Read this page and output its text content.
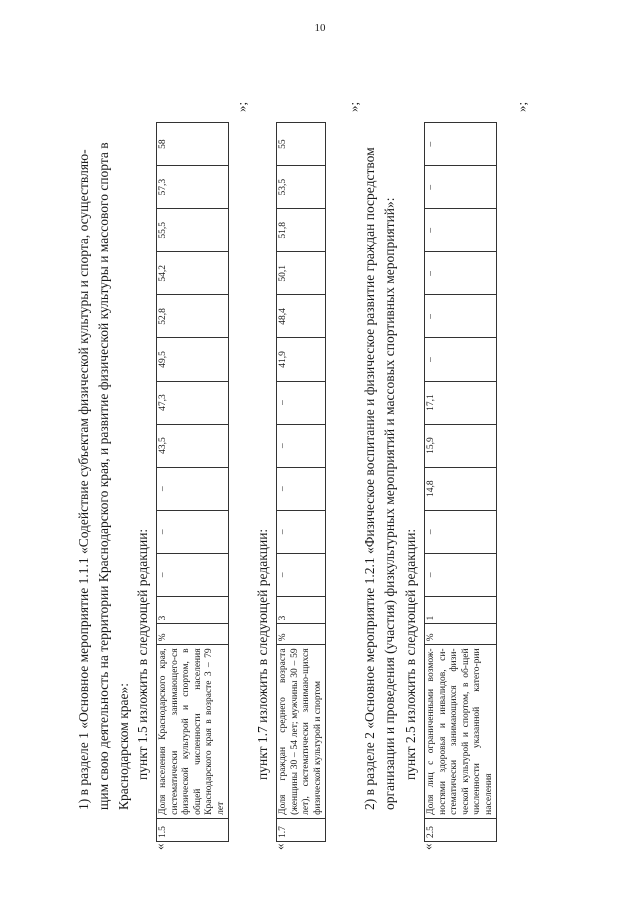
10
1) в разделе 1 «Основное мероприятие 1.1.1 «Содействие субъектам физической культуры и спорта, осуществляю- щим свою деятельность на территории Краснодарского края, и развитие физической культуры и массового спорта в Краснодарском крае»: пункт 1.5 изложить в следующей редакции:
«
1.5	Доля населения Краснодарского края, систематически занимающего-ся физической культурой и спортом, в общей численности населения Краснодарского края в возрасте 3 – 79 лет	%	3	–	–	–	43,5	47,3	49,5	52,8	54,2	55,5	57,3	58
»;
пункт 1.7 изложить в следующей редакции:
«
1.7	Доля граждан среднего возраста (женщины 30 – 54 лет; мужчины 30 – 59 лет), систематически занимаю-щихся физической культурой и спортом	%	3	–	–	–	–	–	41,9	48,4	50,1	51,8	53,5	55
»;
2) в разделе 2 «Основное мероприятие 1.2.1 «Физическое воспитание и физическое развитие граждан посредством организации и проведения (участия) физкультурных мероприятий и массовых спортивных мероприятий»: пункт 2.5 изложить в следующей редакции:
«
2.5	Доля лиц с ограниченными возмож-ностями здоровья и инвалидов, си-стематически занимающихся физи-ческой культурой и спортом, в об-щей численности указанной катего-рии населения	%	1	–	–	14,8	15,9	17,1	–	–	–	–	–	–
»;
